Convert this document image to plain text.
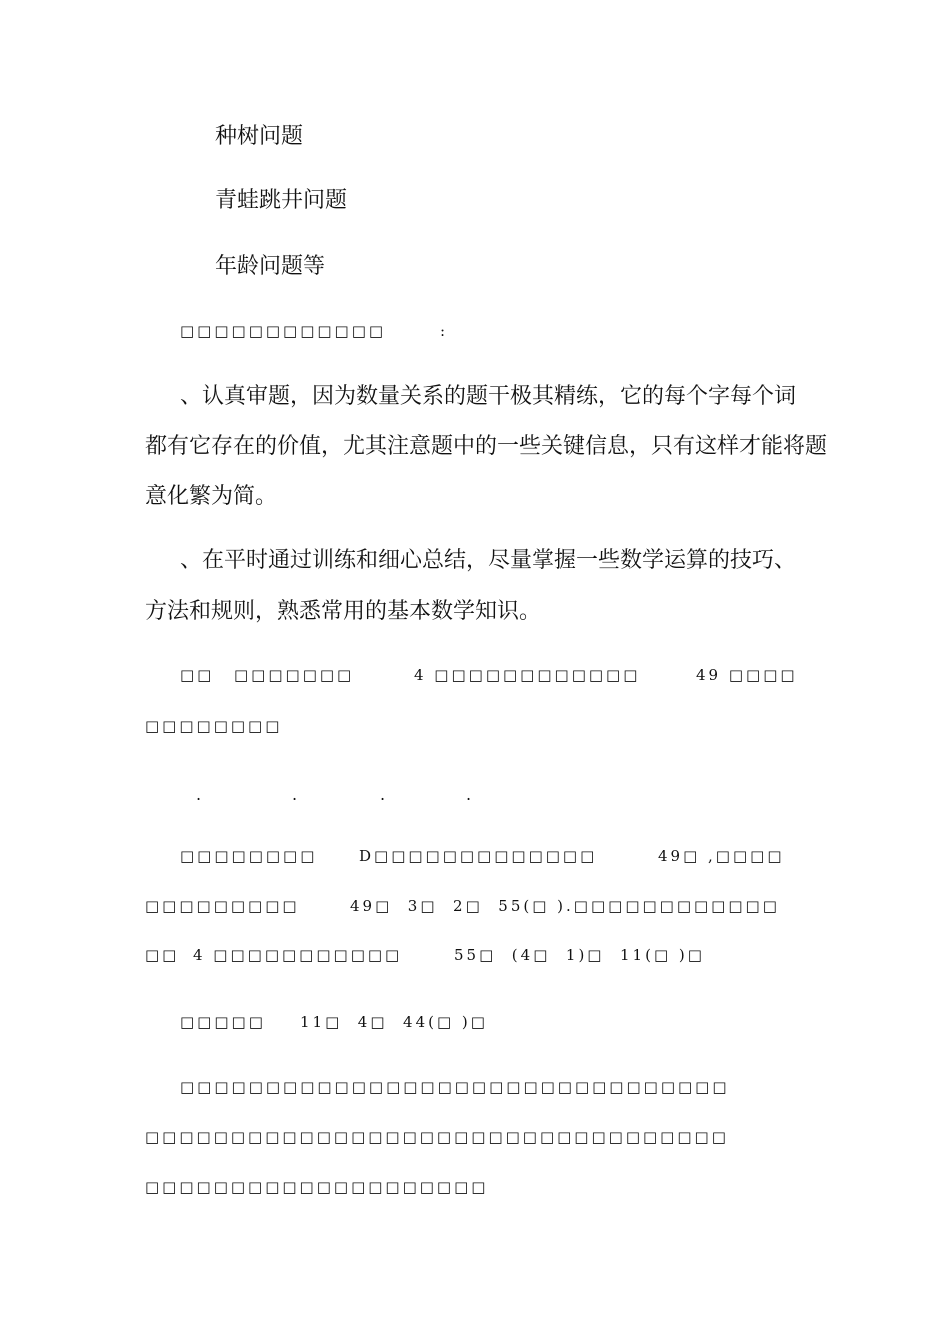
种树问题
青蛙跳井问题
年龄问题等
□□□□□□□□□□□□	:
、认真审题，因为数量关系的题干极其精练，它的每个字每个词
都有它存在的价值，尤其注意题中的一些关键信息，只有这样才能将题
意化繁为简。
、在平时通过训练和细心总结，尽量掌握一些数学运算的技巧、
方法和规则，熟悉常用的基本数学知识。
□□ □□□□□□□	4 □□□□□□□□□□□□	49 □□□□
□□□□□□□□
.	.	.	.
□□□□□□□□	D□□□□□□□□□□□□□	49□ ,□□□□
□□□□□□□□□	49□  3□  2□  55(□ ).□□□□□□□□□□□□
□□ 4 □□□□□□□□□□□	55□  (4□  1)□  11(□ )□
□□□□□ 11□  4□  44(□ )□
□□□□□□□□□□□□□□□□□□□□□□□□□□□□□□□□
□□□□□□□□□□□□□□□□□□□□□□□□□□□□□□□□□□
□□□□□□□□□□□□□□□□□□□□
